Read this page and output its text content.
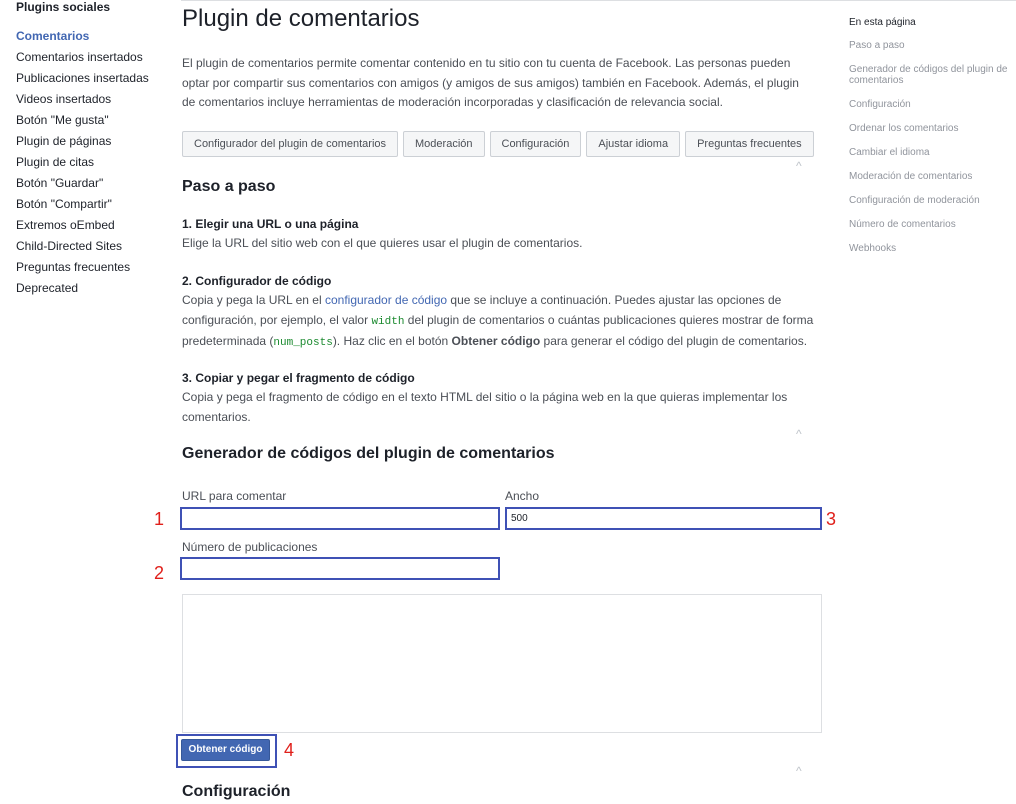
Plugins sociales
Comentarios
Comentarios insertados
Publicaciones insertadas
Videos insertados
Botón "Me gusta"
Plugin de páginas
Plugin de citas
Botón "Guardar"
Botón "Compartir"
Extremos oEmbed
Child-Directed Sites
Preguntas frecuentes
Deprecated
Plugin de comentarios

El plugin de comentarios permite comentar contenido en tu sitio con tu cuenta de Facebook. Las personas pueden optar por compartir sus comentarios con amigos (y amigos de sus amigos) también en Facebook. Además, el plugin de comentarios incluye herramientas de moderación incorporadas y clasificación de relevancia social.

Configurador del plugin de comentarios	Moderación	Configuración	Ajustar idioma	Preguntas frecuentes
^
Paso a paso
1. Elegir una URL o una página

Elige la URL del sitio web con el que quieres usar el plugin de comentarios.

2. Configurador de código

Copia y pega la URL en el configurador de código que se incluye a continuación. Puedes ajustar las opciones de configuración, por ejemplo, el valor width del plugin de comentarios o cuántas publicaciones quieres mostrar de forma predeterminada (num_posts). Haz clic en el botón Obtener código para generar el código del plugin de comentarios.

3. Copiar y pegar el fragmento de código

Copia y pega el fragmento de código en el texto HTML del sitio o la página web en la que quieras implementar los comentarios.

^
Generador de códigos del plugin de comentarios
URL para comentar	Ancho
500
Número de publicaciones
Obtener código
^
Configuración
1
2
3
4
En esta página
Paso a paso
Generador de códigos del plugin de comentarios
Configuración
Ordenar los comentarios
Cambiar el idioma
Moderación de comentarios
Configuración de moderación
Número de comentarios
Webhooks
